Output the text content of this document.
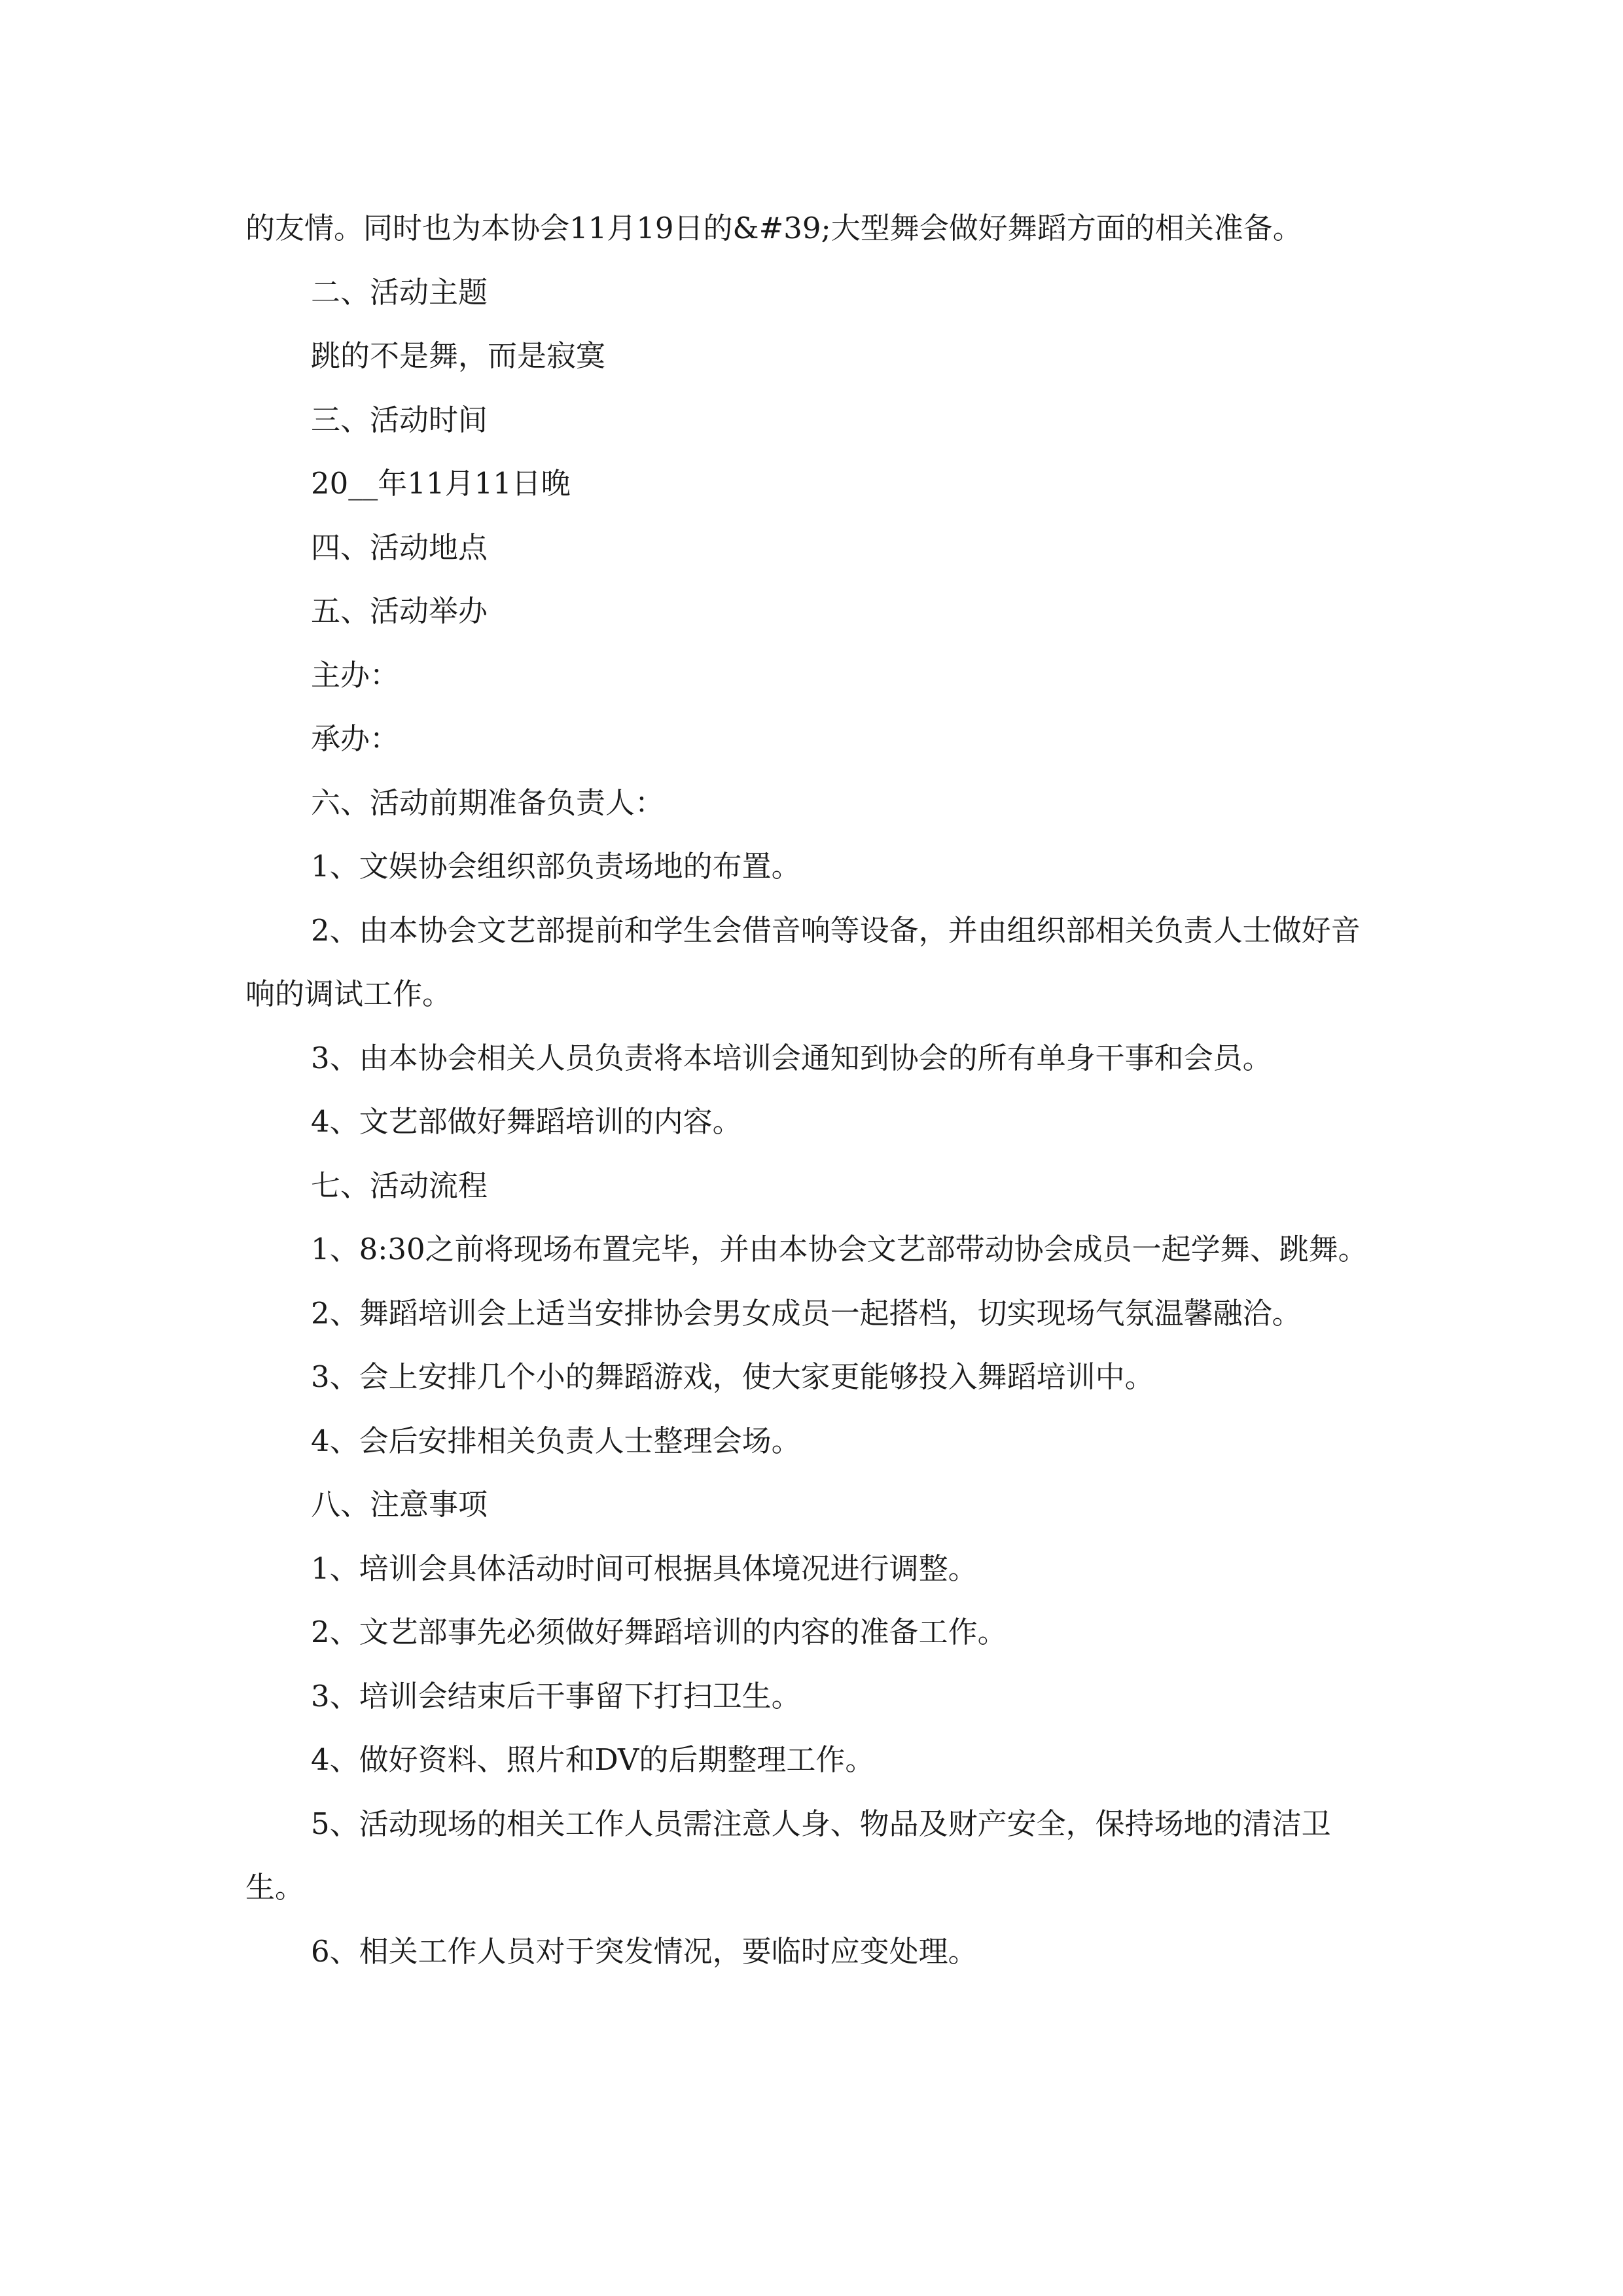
的友情。同时也为本协会11月19日的&#39;大型舞会做好舞蹈方面的相关准备。

二、活动主题

跳的不是舞，而是寂寞

三、活动时间

20__年11月11日晚

四、活动地点

五、活动举办

主办：

承办：

六、活动前期准备负责人：

1、文娱协会组织部负责场地的布置。

2、由本协会文艺部提前和学生会借音响等设备，并由组织部相关负责人士做好音响的调试工作。

3、由本协会相关人员负责将本培训会通知到协会的所有单身干事和会员。

4、文艺部做好舞蹈培训的内容。

七、活动流程

1、8:30之前将现场布置完毕，并由本协会文艺部带动协会成员一起学舞、跳舞。

2、舞蹈培训会上适当安排协会男女成员一起搭档，切实现场气氛温馨融洽。

3、会上安排几个小的舞蹈游戏，使大家更能够投入舞蹈培训中。

4、会后安排相关负责人士整理会场。

八、注意事项

1、培训会具体活动时间可根据具体境况进行调整。

2、文艺部事先必须做好舞蹈培训的内容的准备工作。

3、培训会结束后干事留下打扫卫生。

4、做好资料、照片和DV的后期整理工作。

5、活动现场的相关工作人员需注意人身、物品及财产安全，保持场地的清洁卫生。

6、相关工作人员对于突发情况，要临时应变处理。
